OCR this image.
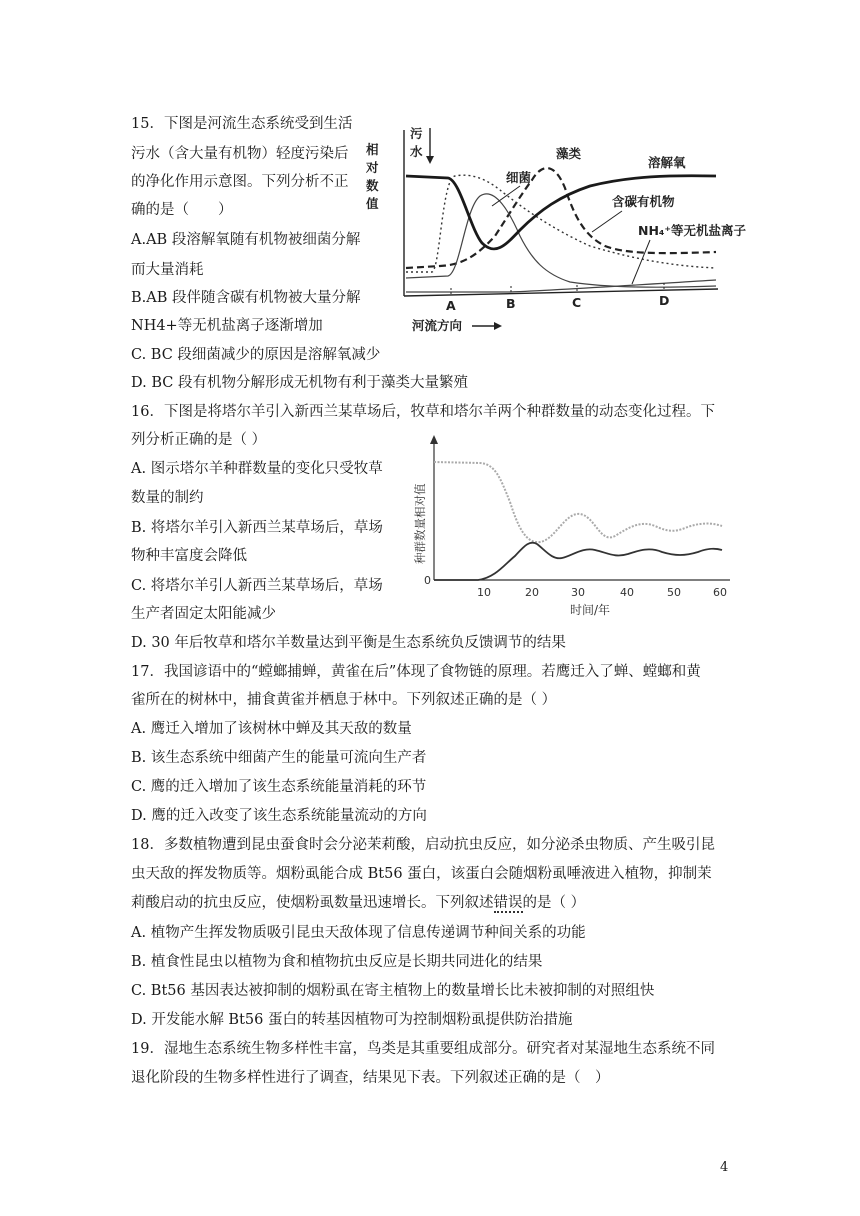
15．下图是河流生态系统受到生活
污水（含大量有机物）轻度污染后
的净化作用示意图。下列分析不正
确的是（　　）
A.AB 段溶解氧随有机物被细菌分解
而大量消耗
B.AB 段伴随含碳有机物被大量分解
NH4+等无机盐离子逐渐增加
C. BC 段细菌减少的原因是溶解氧减少
D. BC 段有机物分解形成无机物有利于藻类大量繁殖
相
对
数
值
污
水	藻类
溶解氧
细菌
含碳有机物
NH₄⁺等无机盐离子
A	B	C	D
河流方向
16．下图是将塔尔羊引入新西兰某草场后，牧草和塔尔羊两个种群数量的动态变化过程。下
列分析正确的是（ ）
A. 图示塔尔羊种群数量的变化只受牧草
数量的制约
B. 将塔尔羊引入新西兰某草场后，草场
物种丰富度会降低
C. 将塔尔羊引人新西兰某草场后，草场
生产者固定太阳能减少
D. 30 年后牧草和塔尔羊数量达到平衡是生态系统负反馈调节的结果
种群数量相对值
0
10	20	30	40	50	60
时间/年
17．我国谚语中的“螳螂捕蝉，黄雀在后”体现了食物链的原理。若鹰迁入了蝉、螳螂和黄
雀所在的树林中，捕食黄雀并栖息于林中。下列叙述正确的是（ ）
A. 鹰迁入增加了该树林中蝉及其天敌的数量
B. 该生态系统中细菌产生的能量可流向生产者
C. 鹰的迁入增加了该生态系统能量消耗的环节
D. 鹰的迁入改变了该生态系统能量流动的方向
18．多数植物遭到昆虫蚕食时会分泌茉莉酸，启动抗虫反应，如分泌杀虫物质、产生吸引昆
虫天敌的挥发物质等。烟粉虱能合成 Bt56 蛋白，该蛋白会随烟粉虱唾液进入植物，抑制茉
莉酸启动的抗虫反应，使烟粉虱数量迅速增长。下列叙述错误的是（ ）
A. 植物产生挥发物质吸引昆虫天敌体现了信息传递调节种间关系的功能
B. 植食性昆虫以植物为食和植物抗虫反应是长期共同进化的结果
C. Bt56 基因表达被抑制的烟粉虱在寄主植物上的数量增长比未被抑制的对照组快
D. 开发能水解 Bt56 蛋白的转基因植物可为控制烟粉虱提供防治措施
19．湿地生态系统生物多样性丰富，鸟类是其重要组成部分。研究者对某湿地生态系统不同
退化阶段的生物多样性进行了调查，结果见下表。下列叙述正确的是（　）
4
